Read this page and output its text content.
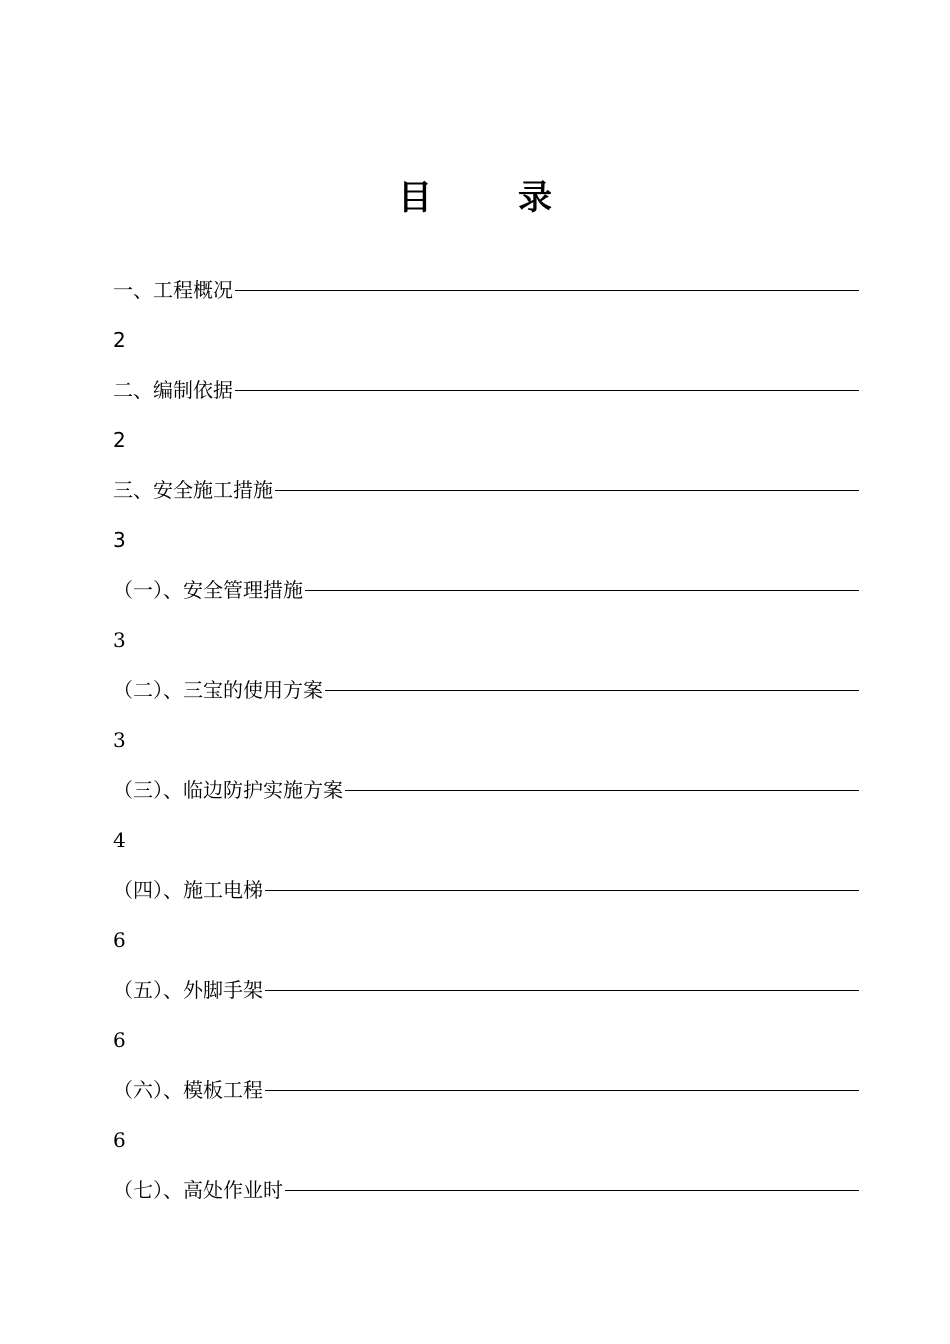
目	录
一、工程概况
2
二、编制依据
2
三、安全施工措施
3
（一）、安全管理措施
3
（二）、三宝的使用方案
3
（三）、临边防护实施方案
4
（四）、施工电梯
6
（五）、外脚手架
6
（六）、模板工程
6
（七）、高处作业时
